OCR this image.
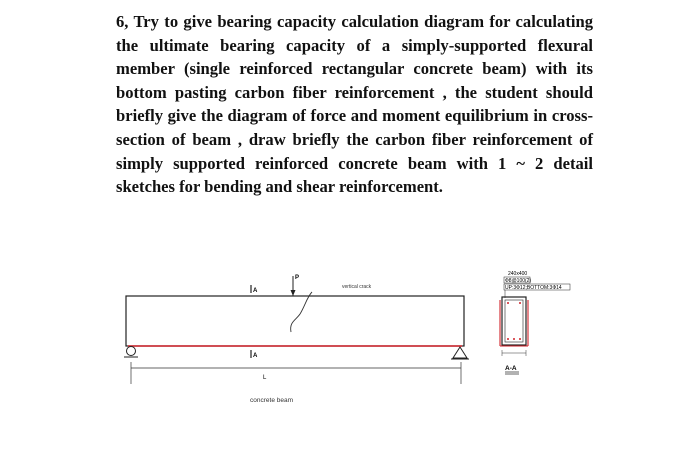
6, Try to give bearing capacity calculation diagram for calculating the ultimate bearing capacity of a simply-supported flexural member (single reinforced rectangular concrete beam) with its bottom pasting carbon fiber reinforcement , the student should briefly give the diagram of force and moment equilibrium in cross-section of beam , draw briefly the carbon fiber reinforcement of simply supported reinforced concrete beam with 1 ~ 2 detail sketches for bending and shear reinforcement.

P
A
A
vertical crack
L
concrete beam
240x400
Ф8@100(2)
UP:3Ф12;BOTTOM:3Ф14
A-A
